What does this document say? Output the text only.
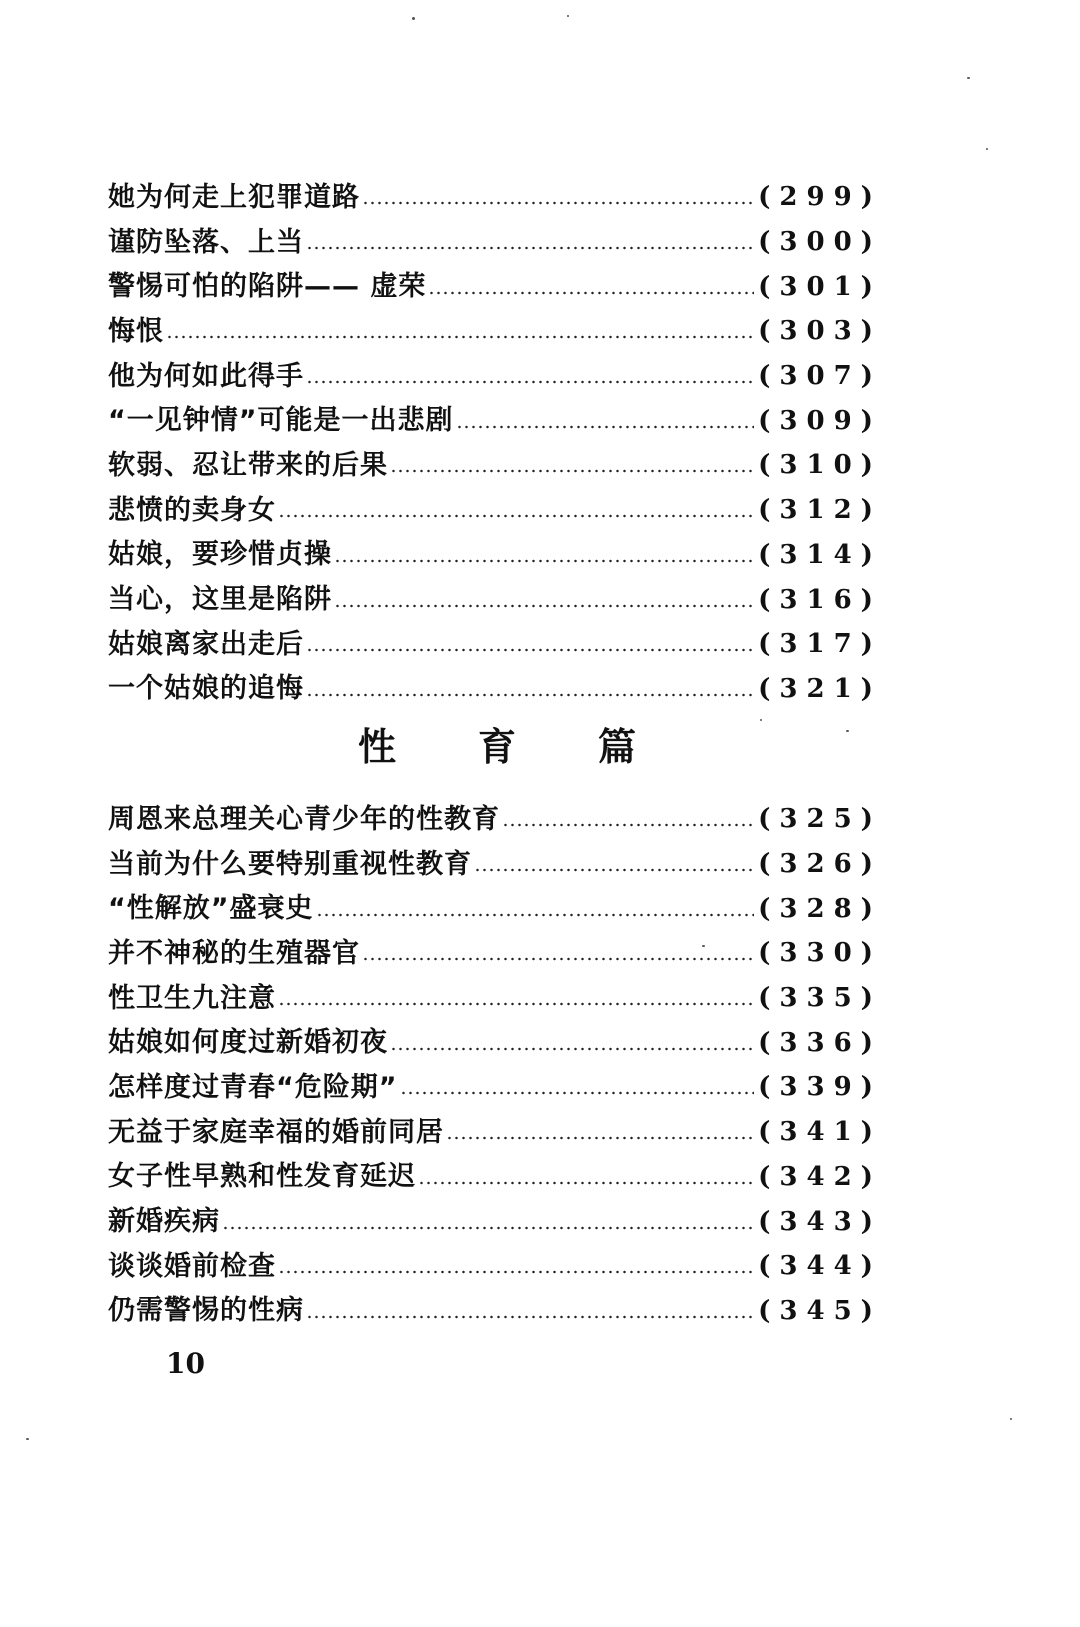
她为何走上犯罪道路	(299)
谨防坠落、上当	(300)
警惕可怕的陷阱—— 虚荣	(301)
悔恨	(303)
他为何如此得手	(307)
“一见钟情”可能是一出悲剧	(309)
软弱、忍让带来的后果	(310)
悲愤的卖身女	(312)
姑娘，要珍惜贞操	(314)
当心，这里是陷阱	(316)
姑娘离家出走后	(317)
一个姑娘的追悔	(321)
性育篇
周恩来总理关心青少年的性教育	(325)
当前为什么要特别重视性教育	(326)
“性解放”盛衰史	(328)
并不神秘的生殖器官	(330)
性卫生九注意	(335)
姑娘如何度过新婚初夜	(336)
怎样度过青春“危险期”	(339)
无益于家庭幸福的婚前同居	(341)
女子性早熟和性发育延迟	(342)
新婚疾病	(343)
谈谈婚前检查	(344)
仍需警惕的性病	(345)
10
